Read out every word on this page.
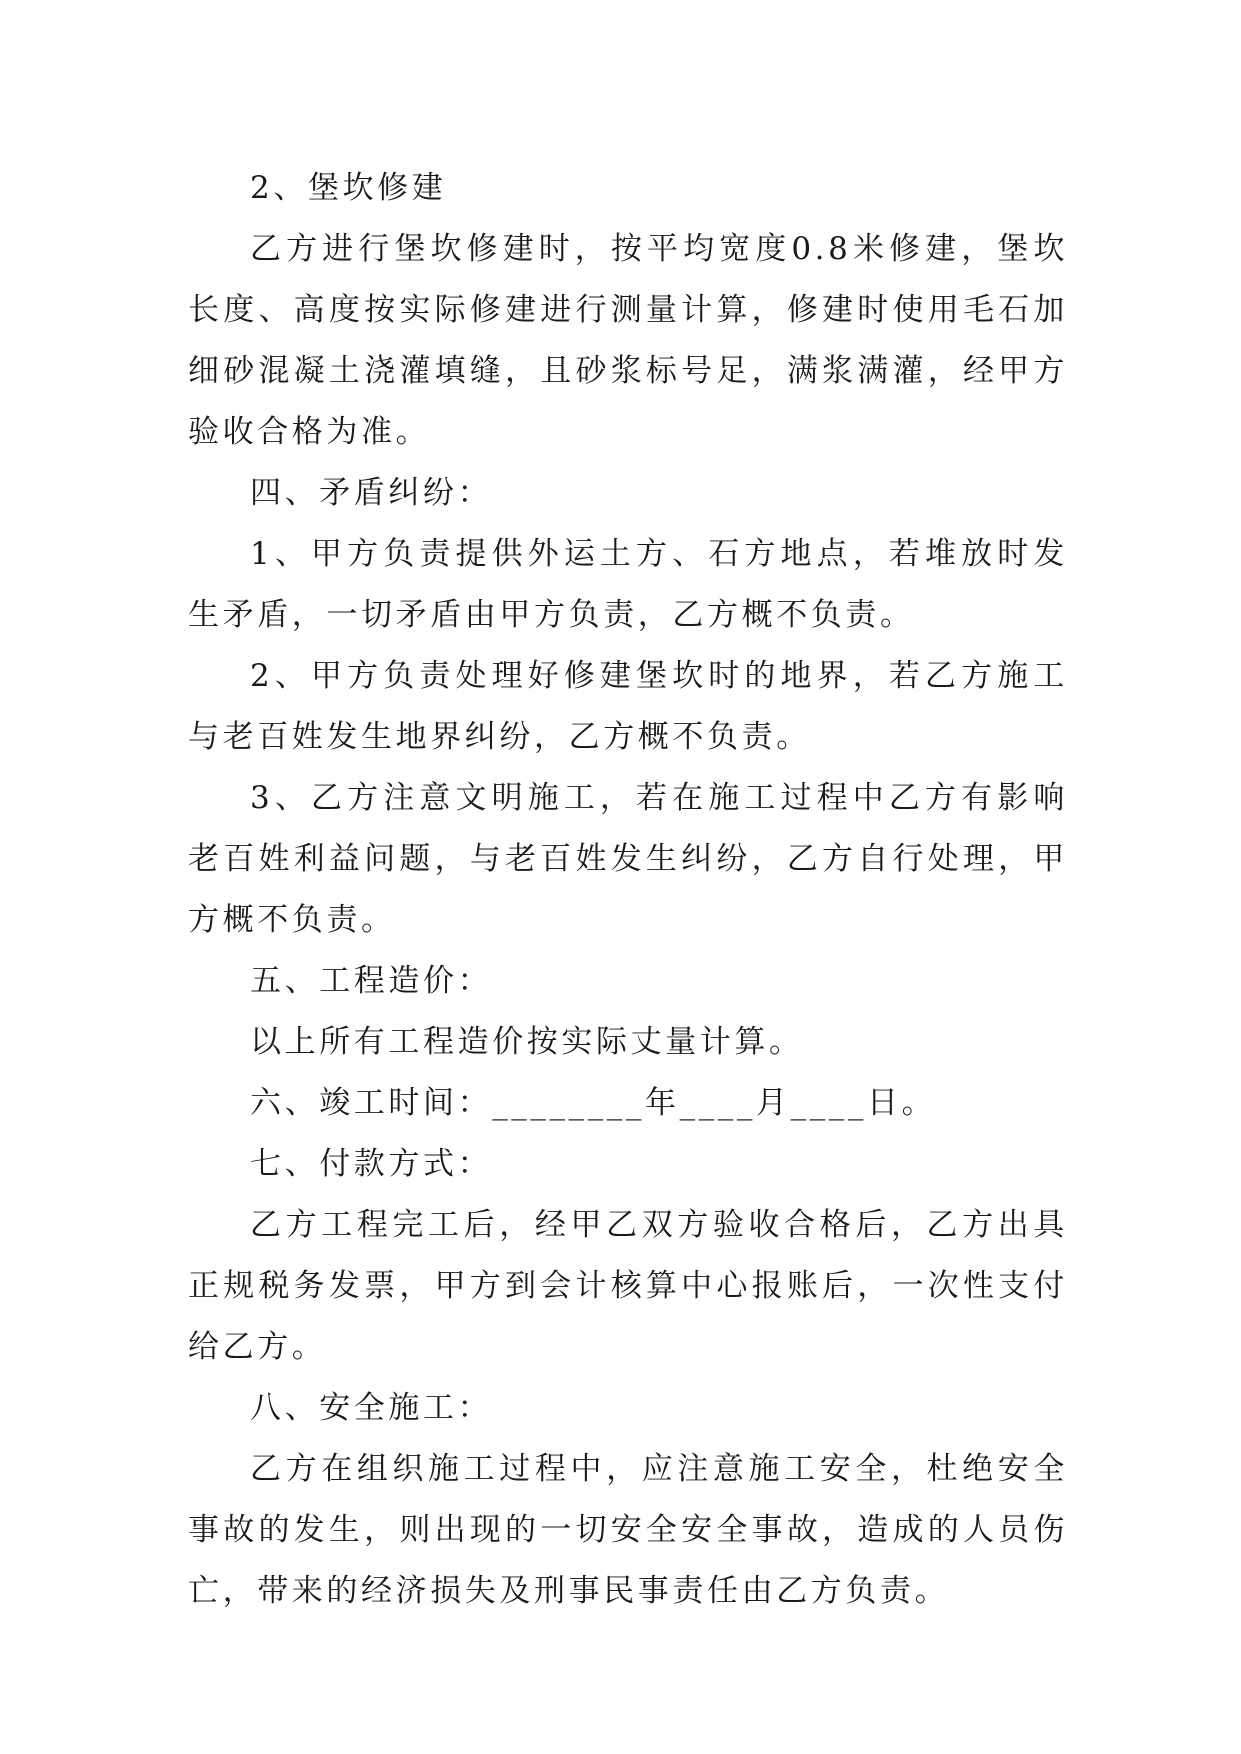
2、堡坎修建

乙方进行堡坎修建时，按平均宽度0.8米修建，堡坎长度、高度按实际修建进行测量计算，修建时使用毛石加细砂混凝土浇灌填缝，且砂浆标号足，满浆满灌，经甲方验收合格为准。

四、矛盾纠纷：

1、甲方负责提供外运土方、石方地点，若堆放时发生矛盾，一切矛盾由甲方负责，乙方概不负责。

2、甲方负责处理好修建堡坎时的地界，若乙方施工与老百姓发生地界纠纷，乙方概不负责。

3、乙方注意文明施工，若在施工过程中乙方有影响老百姓利益问题，与老百姓发生纠纷，乙方自行处理，甲方概不负责。

五、工程造价：

以上所有工程造价按实际丈量计算。

六、竣工时间：________年____月____日。

七、付款方式：

乙方工程完工后，经甲乙双方验收合格后，乙方出具正规税务发票，甲方到会计核算中心报账后，一次性支付给乙方。

八、安全施工：

乙方在组织施工过程中，应注意施工安全，杜绝安全事故的发生，则出现的一切安全安全事故，造成的人员伤亡，带来的经济损失及刑事民事责任由乙方负责。
